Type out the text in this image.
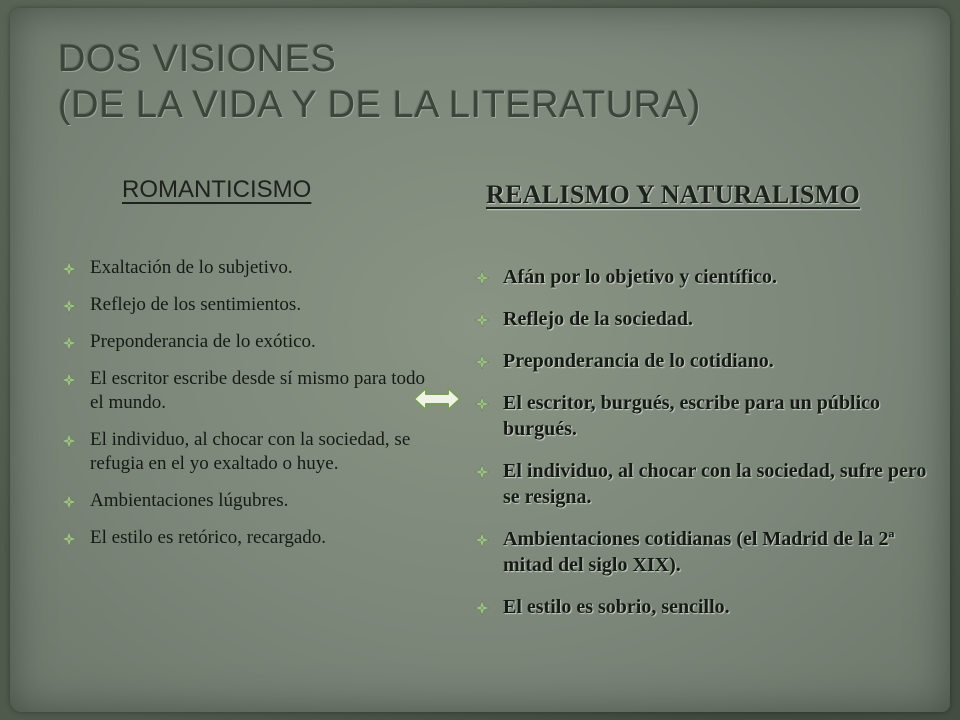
DOS VISIONES
(DE LA VIDA Y DE LA LITERATURA)
ROMANTICISMO	REALISMO Y NATURALISMO
Exaltación de lo subjetivo.
Reflejo de los sentimientos.
Preponderancia de lo exótico.
El escritor escribe desde sí mismo para todo el mundo.
El individuo, al chocar con la sociedad, se refugia en el yo exaltado o huye.
Ambientaciones lúgubres.
El estilo es retórico, recargado.
Afán por lo objetivo y científico.
Reflejo de la sociedad.
Preponderancia de lo cotidiano.
El escritor, burgués, escribe para un público burgués.
El individuo, al chocar con la sociedad, sufre pero se resigna.
Ambientaciones cotidianas (el Madrid de la 2ª mitad del siglo XIX).
El estilo es sobrio, sencillo.
